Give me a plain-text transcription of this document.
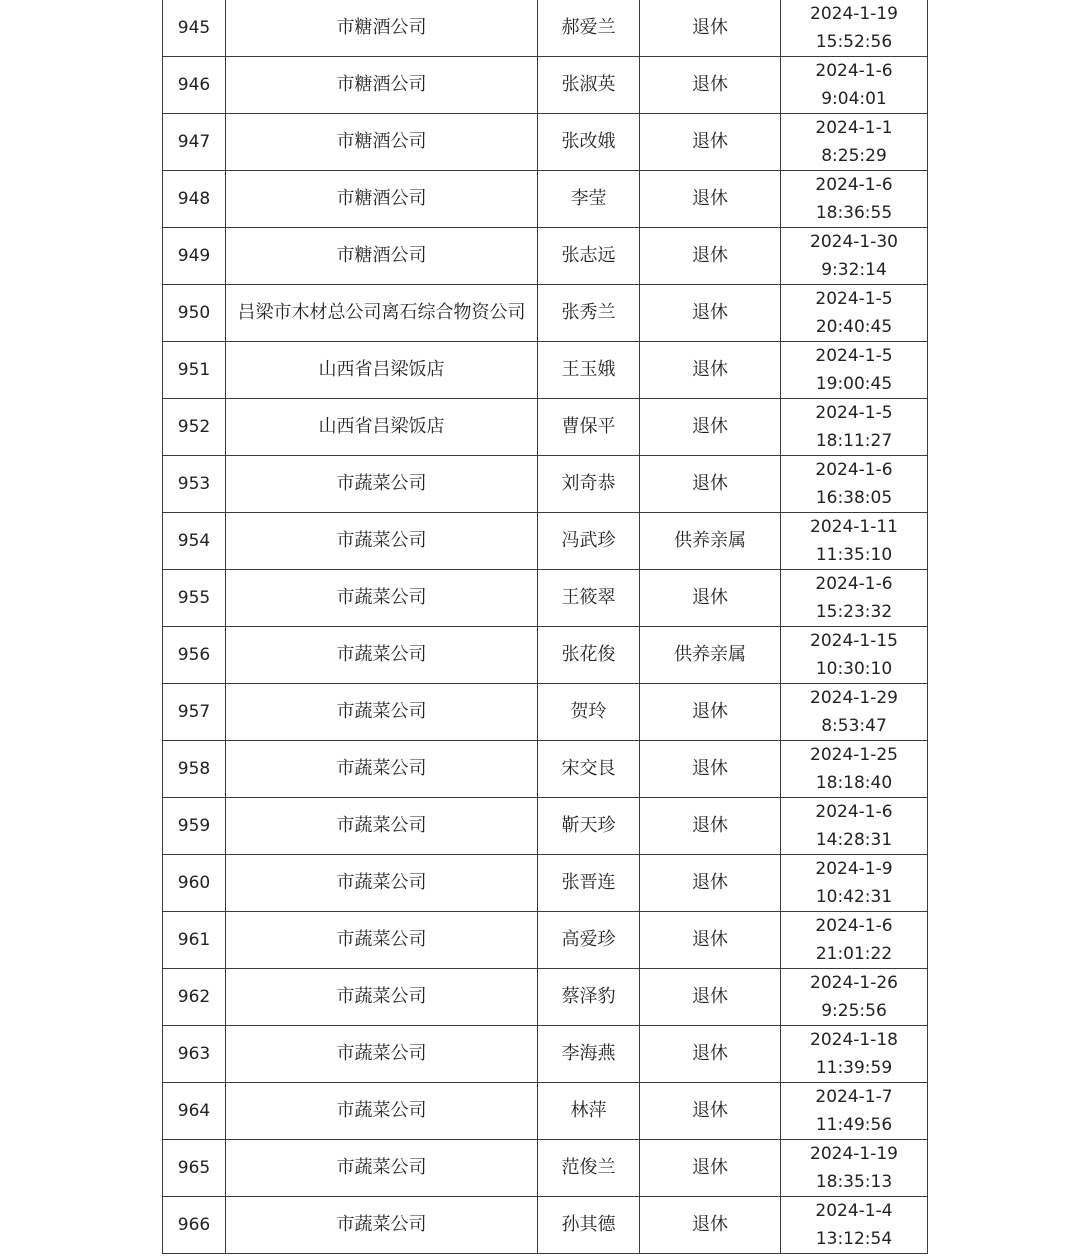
945	市糖酒公司	郝爱兰	退休	2024-1-19
15:52:56

946	市糖酒公司	张淑英	退休	2024-1-6
9:04:01

947	市糖酒公司	张改娥	退休	2024-1-1
8:25:29

948	市糖酒公司	李莹	退休	2024-1-6
18:36:55

949	市糖酒公司	张志远	退休	2024-1-30
9:32:14

950	吕梁市木材总公司离石综合物资公司	张秀兰	退休	2024-1-5
20:40:45

951	山西省吕梁饭店	王玉娥	退休	2024-1-5
19:00:45

952	山西省吕梁饭店	曹保平	退休	2024-1-5
18:11:27

953	市蔬菜公司	刘奇恭	退休	2024-1-6
16:38:05

954	市蔬菜公司	冯武珍	供养亲属	2024-1-11
11:35:10

955	市蔬菜公司	王筱翠	退休	2024-1-6
15:23:32

956	市蔬菜公司	张花俊	供养亲属	2024-1-15
10:30:10

957	市蔬菜公司	贺玲	退休	2024-1-29
8:53:47

958	市蔬菜公司	宋交艮	退休	2024-1-25
18:18:40

959	市蔬菜公司	靳天珍	退休	2024-1-6
14:28:31

960	市蔬菜公司	张晋连	退休	2024-1-9
10:42:31

961	市蔬菜公司	高爱珍	退休	2024-1-6
21:01:22

962	市蔬菜公司	蔡泽豹	退休	2024-1-26
9:25:56

963	市蔬菜公司	李海燕	退休	2024-1-18
11:39:59

964	市蔬菜公司	林萍	退休	2024-1-7
11:49:56

965	市蔬菜公司	范俊兰	退休	2024-1-19
18:35:13

966	市蔬菜公司	孙其德	退休	2024-1-4
13:12:54
